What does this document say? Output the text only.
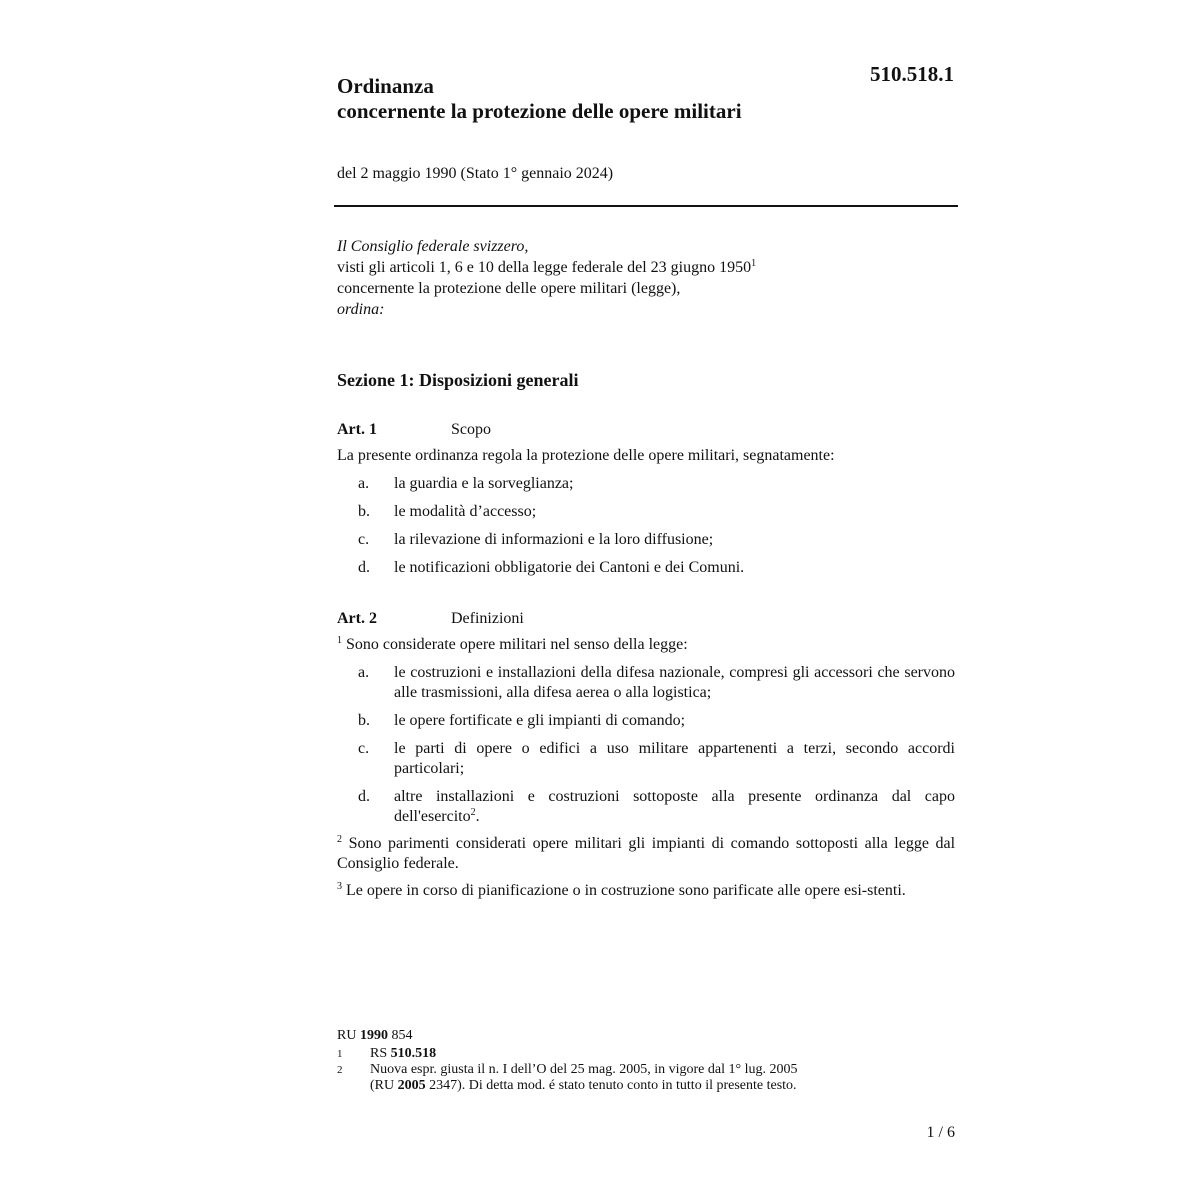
510.518.1
Ordinanza
concernente la protezione delle opere militari
del 2 maggio 1990 (Stato 1° gennaio 2024)
Il Consiglio federale svizzero,
visti gli articoli 1, 6 e 10 della legge federale del 23 giugno 1950$^1$
concernente la protezione delle opere militari (legge),
ordina:
Sezione 1: Disposizioni generali
Art. 1	Scopo
La presente ordinanza regola la protezione delle opere militari, segnatamente:
a.	la guardia e la sorveglianza;
b.	le modalità d’accesso;
c.	la rilevazione di informazioni e la loro diffusione;
d.	le notificazioni obbligatorie dei Cantoni e dei Comuni.
Art. 2	Definizioni
$^1$ Sono considerate opere militari nel senso della legge:
a.	le costruzioni e installazioni della difesa nazionale, compresi gli accessori che servono alle trasmissioni, alla difesa aerea o alla logistica;
b.	le opere fortificate e gli impianti di comando;
c.	le parti di opere o edifici a uso militare appartenenti a terzi, secondo accordi particolari;
d.	altre installazioni e costruzioni sottoposte alla presente ordinanza dal capo dell'esercito$^2$.
$^2$ Sono parimenti considerati opere militari gli impianti di comando sottoposti alla legge dal Consiglio federale.
$^3$ Le opere in corso di pianificazione o in costruzione sono parificate alle opere esi-stenti.
RU 1990 854
1	RS 510.518
2	Nuova espr. giusta il n. I dell’O del 25 mag. 2005, in vigore dal 1° lug. 2005
(RU 2005 2347). Di detta mod. é stato tenuto conto in tutto il presente testo.
1 / 6
